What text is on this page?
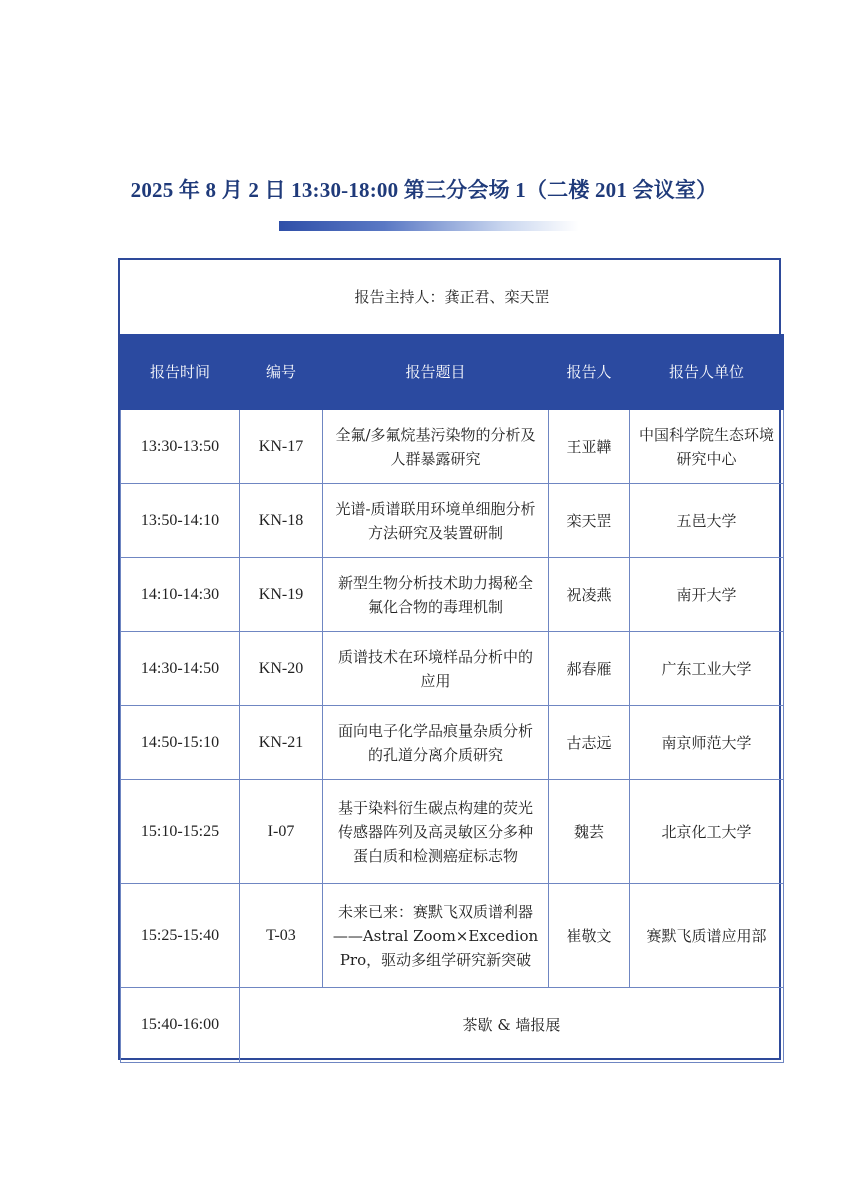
2025 年 8 月 2 日 13:30-18:00 第三分会场 1（二楼 201 会议室）
报告主持人：龚正君、栾天罡				
报告时间	编号	报告题目	报告人	报告人单位
13:30-13:50	KN-17	全氟/多氟烷基污染物的分析及人群暴露研究	王亚韡	中国科学院生态环境研究中心
13:50-14:10	KN-18	光谱-质谱联用环境单细胞分析方法研究及装置研制	栾天罡	五邑大学
14:10-14:30	KN-19	新型生物分析技术助力揭秘全氟化合物的毒理机制	祝凌燕	南开大学
14:30-14:50	KN-20	质谱技术在环境样品分析中的应用	郝春雁	广东工业大学
14:50-15:10	KN-21	面向电子化学品痕量杂质分析的孔道分离介质研究	古志远	南京师范大学
15:10-15:25	I-07	基于染料衍生碳点构建的荧光传感器阵列及高灵敏区分多种蛋白质和检测癌症标志物	魏芸	北京化工大学
15:25-15:40	T-03	未来已来：赛默飞双质谱利器——Astral Zoom×Excedion Pro，驱动多组学研究新突破	崔敬文	赛默飞质谱应用部
15:40-16:00	茶歇 & 墙报展			
